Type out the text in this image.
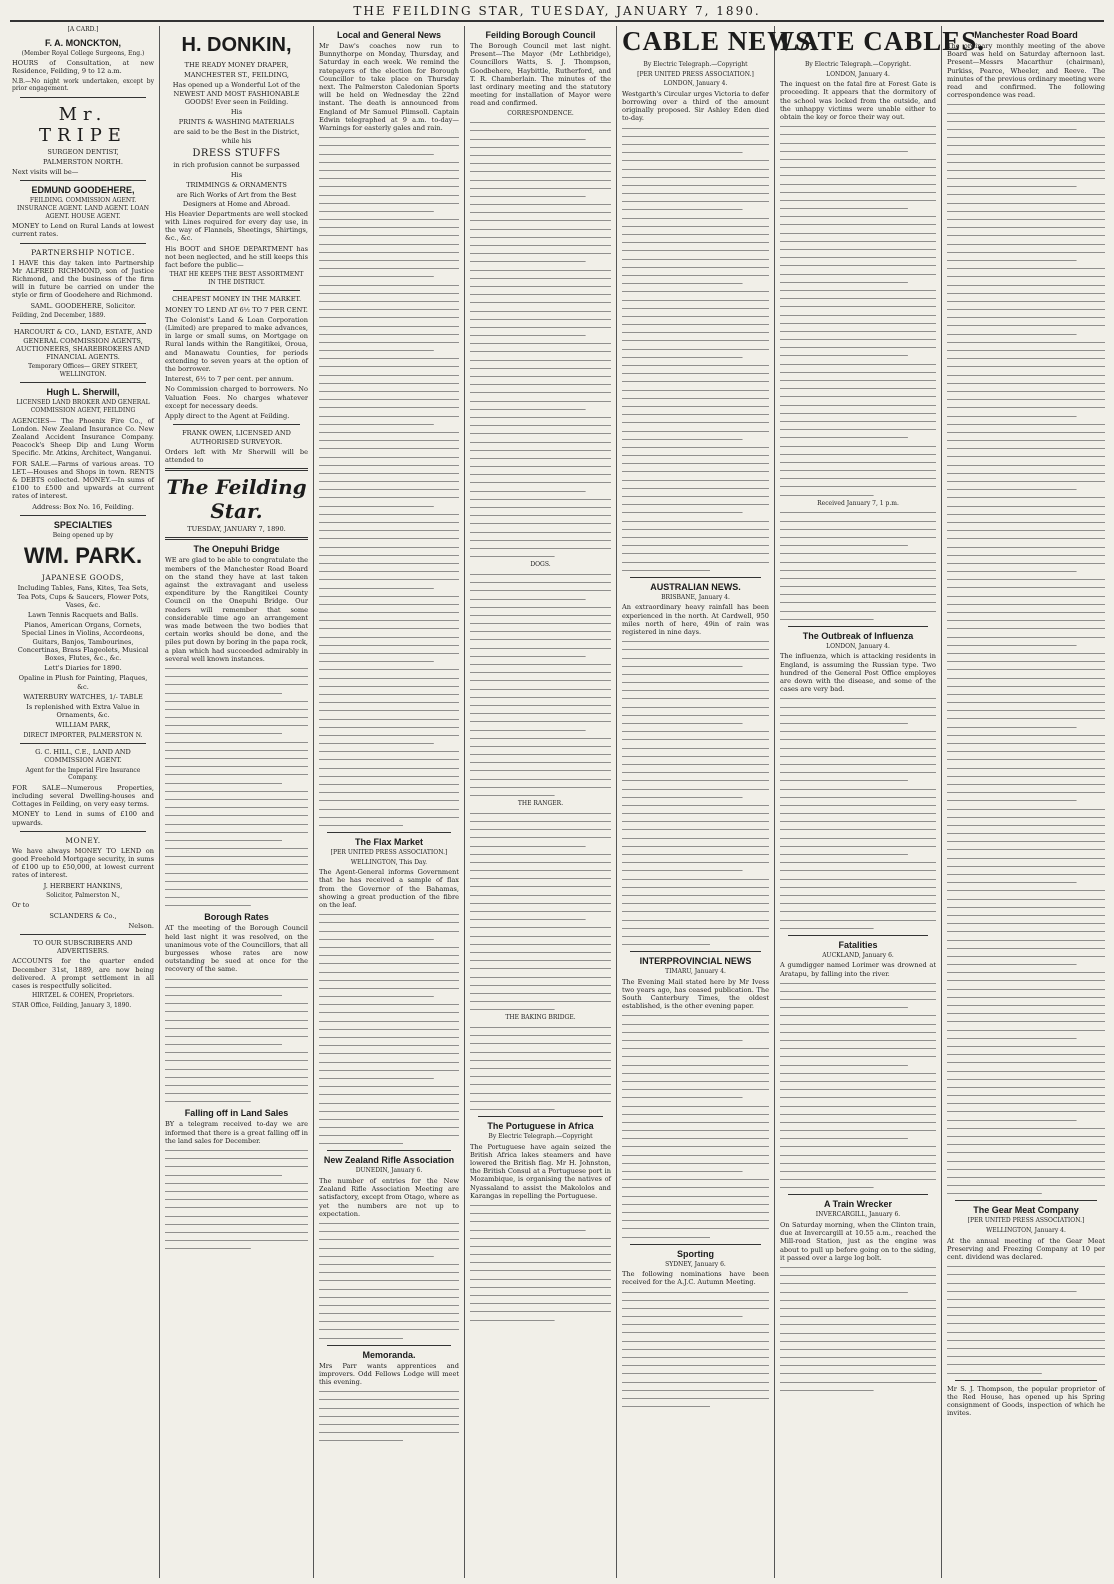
THE FEILDING STAR, TUESDAY, JANUARY 7, 1890.

[A CARD.]

F. A. MONCKTON,

(Member Royal College Surgeons, Eng.)

HOURS of Consultation, at new Residence, Feilding, 9 to 12 a.m.

N.B.—No night work undertaken, except by prior engagement.

Mr. TRIPE

SURGEON DENTIST,

PALMERSTON NORTH.

Next visits will be—

EDMUND GOODEHERE,

FEILDING. COMMISSION AGENT. INSURANCE AGENT. LAND AGENT. LOAN AGENT. HOUSE AGENT.

MONEY to Lend on Rural Lands at lowest current rates.

PARTNERSHIP NOTICE.

I HAVE this day taken into Partnership Mr ALFRED RICHMOND, son of Justice Richmond, and the business of the firm will in future be carried on under the style or firm of Goodehere and Richmond.

SAML. GOODEHERE, Solicitor.

Feilding, 2nd December, 1889.

HARCOURT & CO., LAND, ESTATE, AND GENERAL COMMISSION AGENTS, AUCTIONEERS, SHAREBROKERS AND FINANCIAL AGENTS.

Temporary Offices— GREY STREET, WELLINGTON.

Hugh L. Sherwill,

LICENSED LAND BROKER AND GENERAL COMMISSION AGENT, FEILDING

AGENCIES— The Phoenix Fire Co., of London. New Zealand Insurance Co. New Zealand Accident Insurance Company. Peacock's Sheep Dip and Lung Worm Specific. Mr. Atkins, Architect, Wanganui.

FOR SALE.—Farms of various areas. TO LET.—Houses and Shops in town. RENTS & DEBTS collected. MONEY.—In sums of £100 to £500 and upwards at current rates of interest.

Address: Box No. 16, Feilding.

SPECIALTIES

Being opened up by

WM. PARK.
JAPANESE GOODS,

Including Tables, Fans, Kites, Tea Sets, Tea Pots, Cups & Saucers, Flower Pots, Vases, &c.

Lawn Tennis Racquets and Balls.

Pianos, American Organs, Cornets, Special Lines in Violins, Accordeons, Guitars, Banjos, Tambourines, Concertinas, Brass Flageolets, Musical Boxes, Flutes, &c., &c.

Lett's Diaries for 1890.

Opaline in Plush for Painting, Plaques, &c.

WATERBURY WATCHES, 1/- TABLE

Is replenished with Extra Value in Ornaments, &c.

WILLIAM PARK,

DIRECT IMPORTER, PALMERSTON N.

G. C. HILL, C.E., LAND AND COMMISSION AGENT.

Agent for the Imperial Fire Insurance Company.

FOR SALE—Numerous Properties, including several Dwelling-houses and Cottages in Feilding, on very easy terms.

MONEY to Lend in sums of £100 and upwards.

MONEY.

We have always MONEY TO LEND on good Freehold Mortgage security, in sums of £100 up to £50,000, at lowest current rates of interest.

J. HERBERT HANKINS,

Solicitor, Palmerston N.,

Or to

SCLANDERS & Co.,

Nelson.

TO OUR SUBSCRIBERS AND ADVERTISERS.

ACCOUNTS for the quarter ended December 31st, 1889, are now being delivered. A prompt settlement in all cases is respectfully solicited.

HIRTZEL & COHEN, Proprietors.

STAR Office, Feilding, January 3, 1890.

H. DONKIN,

THE READY MONEY DRAPER,

MANCHESTER ST., FEILDING,

Has opened up a Wonderful Lot of the NEWEST AND MOST FASHIONABLE GOODS! Ever seen in Feilding.

His

PRINTS & WASHING MATERIALS

are said to be the Best in the District, while his

DRESS STUFFS

in rich profusion cannot be surpassed

His

TRIMMINGS & ORNAMENTS

are Rich Works of Art from the Best Designers at Home and Abroad.

His Heavier Departments are well stocked with Lines required for every day use, in the way of Flannels, Sheetings, Shirtings, &c., &c.

His BOOT and SHOE DEPARTMENT has not been neglected, and he still keeps this fact before the public—

THAT HE KEEPS THE BEST ASSORTMENT IN THE DISTRICT.

CHEAPEST MONEY IN THE MARKET.

MONEY TO LEND AT 6½ TO 7 PER CENT.

The Colonist's Land & Loan Corporation (Limited) are prepared to make advances, in large or small sums, on Mortgage on Rural lands within the Rangitikei, Oroua, and Manawatu Counties, for periods extending to seven years at the option of the borrower.

Interest, 6½ to 7 per cent. per annum.

No Commission charged to borrowers. No Valuation Fees. No charges whatever except for necessary deeds.

Apply direct to the Agent at Feilding.

FRANK OWEN, LICENSED AND AUTHORISED SURVEYOR.

Orders left with Mr Sherwill will be attended to

The Feilding Star.

TUESDAY, JANUARY 7, 1890.

The Onepuhi Bridge

WE are glad to be able to congratulate the members of the Manchester Road Board on the stand they have at last taken against the extravagant and useless expenditure by the Rangitikei County Council on the Onepuhi Bridge. Our readers will remember that some considerable time ago an arrangement was made between the two bodies that certain works should be done, and the piles put down by boring in the papa rock, a plan which had succeeded admirably in several well known instances.

Borough Rates

AT the meeting of the Borough Council held last night it was resolved, on the unanimous vote of the Councillors, that all burgesses whose rates are now outstanding be sued at once for the recovery of the same.

Falling off in Land Sales

BY a telegram received to-day we are informed that there is a great falling off in the land sales for December.

Local and General News

Mr Daw's coaches now run to Bunnythorpe on Monday, Thursday, and Saturday in each week. We remind the ratepayers of the election for Borough Councillor to take place on Thursday next. The Palmerston Caledonian Sports will be held on Wednesday the 22nd instant. The death is announced from England of Mr Samuel Plimsoll. Captain Edwin telegraphed at 9 a.m. to-day—Warnings for easterly gales and rain.

The Flax Market

[PER UNITED PRESS ASSOCIATION.]

WELLINGTON, This Day.

The Agent-General informs Government that he has received a sample of flax from the Governor of the Bahamas, showing a great production of the fibre on the leaf.

New Zealand Rifle Association

DUNEDIN, January 6.

The number of entries for the New Zealand Rifle Association Meeting are satisfactory, except from Otago, where as yet the numbers are not up to expectation.

Memoranda.

Mrs Parr wants apprentices and improvers. Odd Fellows Lodge will meet this evening.

Feilding Borough Council

The Borough Council met last night. Present—The Mayor (Mr Lethbridge), Councillors Watts, S. J. Thompson, Goodbehere, Haybittle, Rutherford, and T. R. Chamberlain. The minutes of the last ordinary meeting and the statutory meeting for installation of Mayor were read and confirmed.

CORRESPONDENCE.

DOGS.

THE RANGER.

THE BAKING BRIDGE.

The Portuguese in Africa

By Electric Telegraph.—Copyright

The Portuguese have again seized the British Africa lakes steamers and have lowered the British flag. Mr H. Johnston, the British Consul at a Portuguese port in Mozambique, is organising the natives of Nyassaland to assist the Makololos and Karangas in repelling the Portuguese.

CABLE NEWS.

By Electric Telegraph.—Copyright

[PER UNITED PRESS ASSOCIATION.]

LONDON, January 4.

Westgarth's Circular urges Victoria to defer borrowing over a third of the amount originally proposed. Sir Ashley Eden died to-day.

AUSTRALIAN NEWS.

BRISBANE, January 4.

An extraordinary heavy rainfall has been experienced in the north. At Cardwell, 950 miles north of here, 49in of rain was registered in nine days.

INTERPROVINCIAL NEWS

TIMARU, January 4.

The Evening Mail stated here by Mr Ivess two years ago, has ceased publication. The South Canterbury Times, the oldest established, is the other evening paper.

Sporting

SYDNEY, January 6.

The following nominations have been received for the A.J.C. Autumn Meeting.

LATE CABLES.

By Electric Telegraph.—Copyright.

LONDON, January 4.

The inquest on the fatal fire at Forest Gate is proceeding. It appears that the dormitory of the school was locked from the outside, and the unhappy victims were unable either to obtain the key or force their way out.

Received January 7, 1 p.m.

The Outbreak of Influenza

LONDON, January 4.

The influenza, which is attacking residents in England, is assuming the Russian type. Two hundred of the General Post Office employes are down with the disease, and some of the cases are very bad.

Fatalities

AUCKLAND, January 6.

A gumdigger named Lorimer was drowned at Aratapu, by falling into the river.

A Train Wrecker

INVERCARGILL, January 6.

On Saturday morning, when the Clinton train, due at Invercargill at 10.55 a.m., reached the Mill-road Station, just as the engine was about to pull up before going on to the siding, it passed over a large log bolt.

Manchester Road Board

The ordinary monthly meeting of the above Board was held on Saturday afternoon last. Present—Messrs Macarthur (chairman), Purkiss, Pearce, Wheeler, and Reeve. The minutes of the previous ordinary meeting were read and confirmed. The following correspondence was read.

The Gear Meat Company

[PER UNITED PRESS ASSOCIATION.]

WELLINGTON, January 4.

At the annual meeting of the Gear Meat Preserving and Freezing Company at 10 per cent. dividend was declared.

Mr S. J. Thompson, the popular proprietor of the Red House, has opened up his Spring consignment of Goods, inspection of which he invites.
